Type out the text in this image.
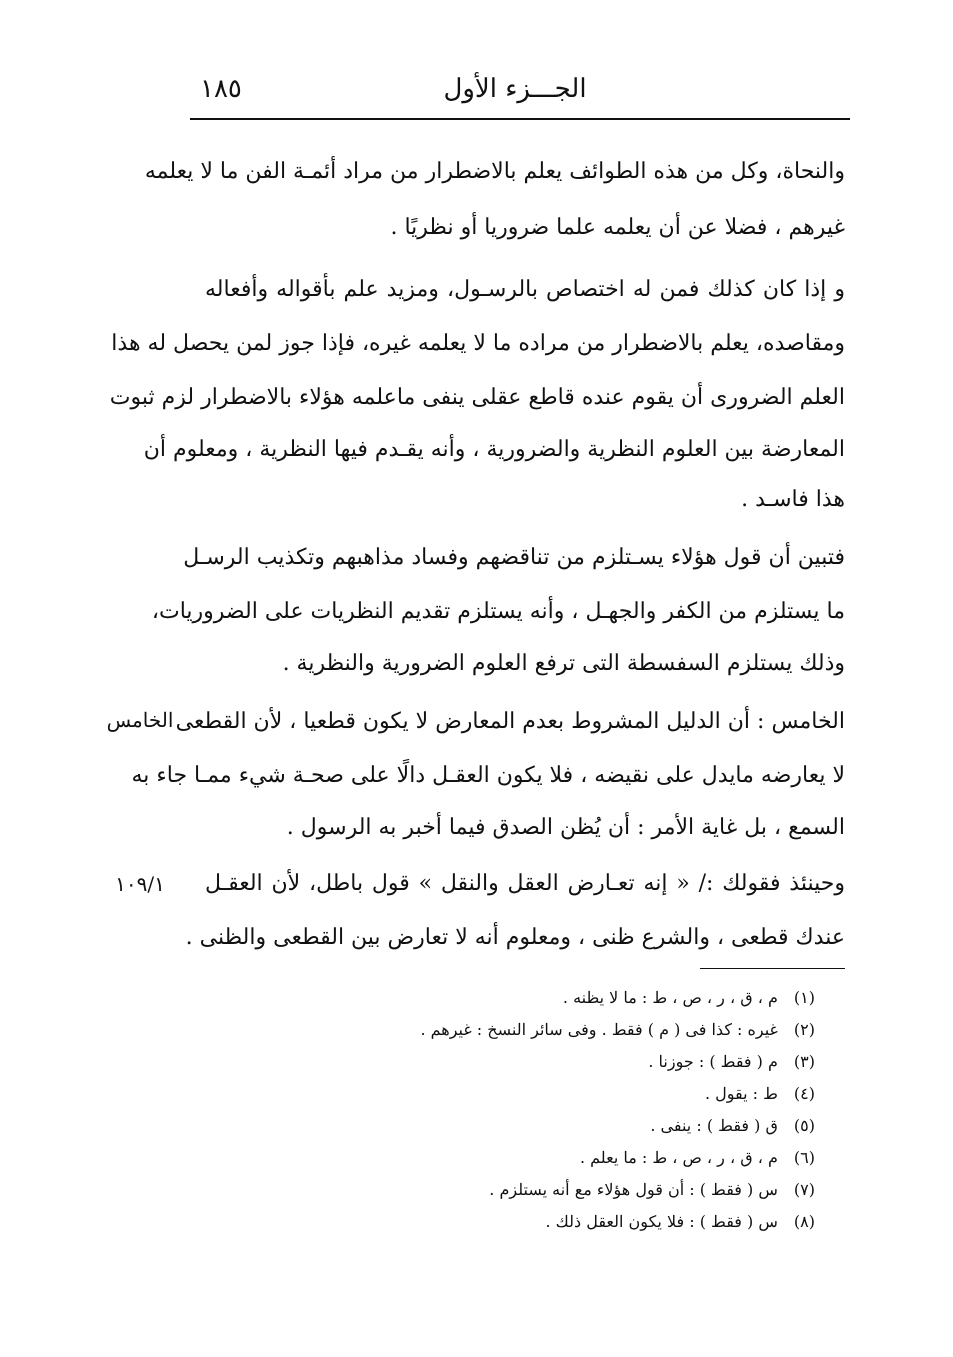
الجـــزء الأول
١٨٥
والنحاة، وكل من هذه الطوائف يعلم بالاضطرار من مراد أئمـة الفن ما لا يعلمه
غيرهم ، فضلا عن أن يعلمه علما ضروريا أو نظريًا .
و إذا كان كذلك فمن له اختصاص بالرسـول، ومزيد علم بأقواله وأفعاله
ومقاصده، يعلم بالاضطرار من مراده ما لا يعلمه غيره، فإذا جوز لمن يحصل له هذا
العلم الضرورى أن يقوم عنده قاطع عقلى ينفى ماعلمه هؤلاء بالاضطرار لزم ثبوت
المعارضة بين العلوم النظرية والضرورية ، وأنه يقـدم فيها النظرية ، ومعلوم أن
هذا فاسـد .
فتبين أن قول هؤلاء يسـتلزم من تناقضهم وفساد مذاهبهم وتكذيب الرسـل
ما يستلزم من الكفر والجهـل ، وأنه يستلزم تقديم النظريات على الضروريات،
وذلك يستلزم السفسطة التى ترفع العلوم الضرورية والنظرية .
الخامس : أن الدليل المشروط بعدم المعارض لا يكون قطعيا ، لأن القطعى
لا يعارضه مايدل على نقيضه ، فلا يكون العقـل دالًا على صحـة شيء ممـا جاء به
السمع ، بل غاية الأمر : أن يُظن الصدق فيما أخبر به الرسول .
وحينئذ فقولك :/ « إنه تعـارض العقل والنقل » قول باطل، لأن العقـل
عندك قطعى ، والشرع ظنى ، ومعلوم أنه لا تعارض بين القطعى والظنى .
الخامس
١٠٩/١
(١) م ، ق ، ر ، ص ، ط : ما لا يظنه .
(٢) غيره : كذا فى ( م ) فقط . وفى سائر النسخ : غيرهم .
(٣) م ( فقط ) : جوزنا .
(٤) ط : يقول .
(٥) ق ( فقط ) : ينفى .
(٦) م ، ق ، ر ، ص ، ط : ما يعلم .
(٧) س ( فقط ) : أن قول هؤلاء مع أنه يستلزم .
(٨) س ( فقط ) : فلا يكون العقل ذلك .
